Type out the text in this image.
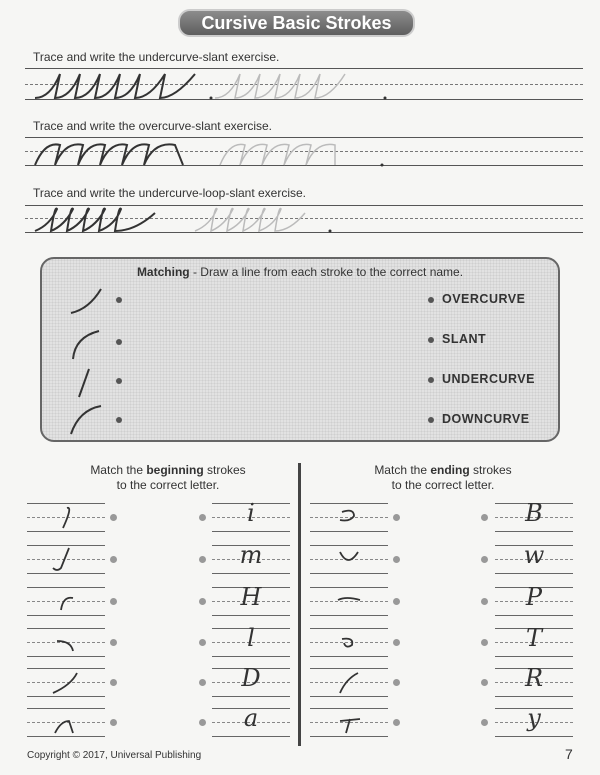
Cursive Basic Strokes
Trace and write the undercurve-slant exercise.
Trace and write the overcurve-slant exercise.
Trace and write the undercurve-loop-slant exercise.
Matching - Draw a line from each stroke to the correct name.
OVERCURVE
SLANT
UNDERCURVE
DOWNCURVE
Match the beginning strokes
to the correct letter.
Match the ending strokes
to the correct letter.
i	B
m	w
H	P
l	T
D	R
a	y
Copyright © 2017, Universal Publishing	7
